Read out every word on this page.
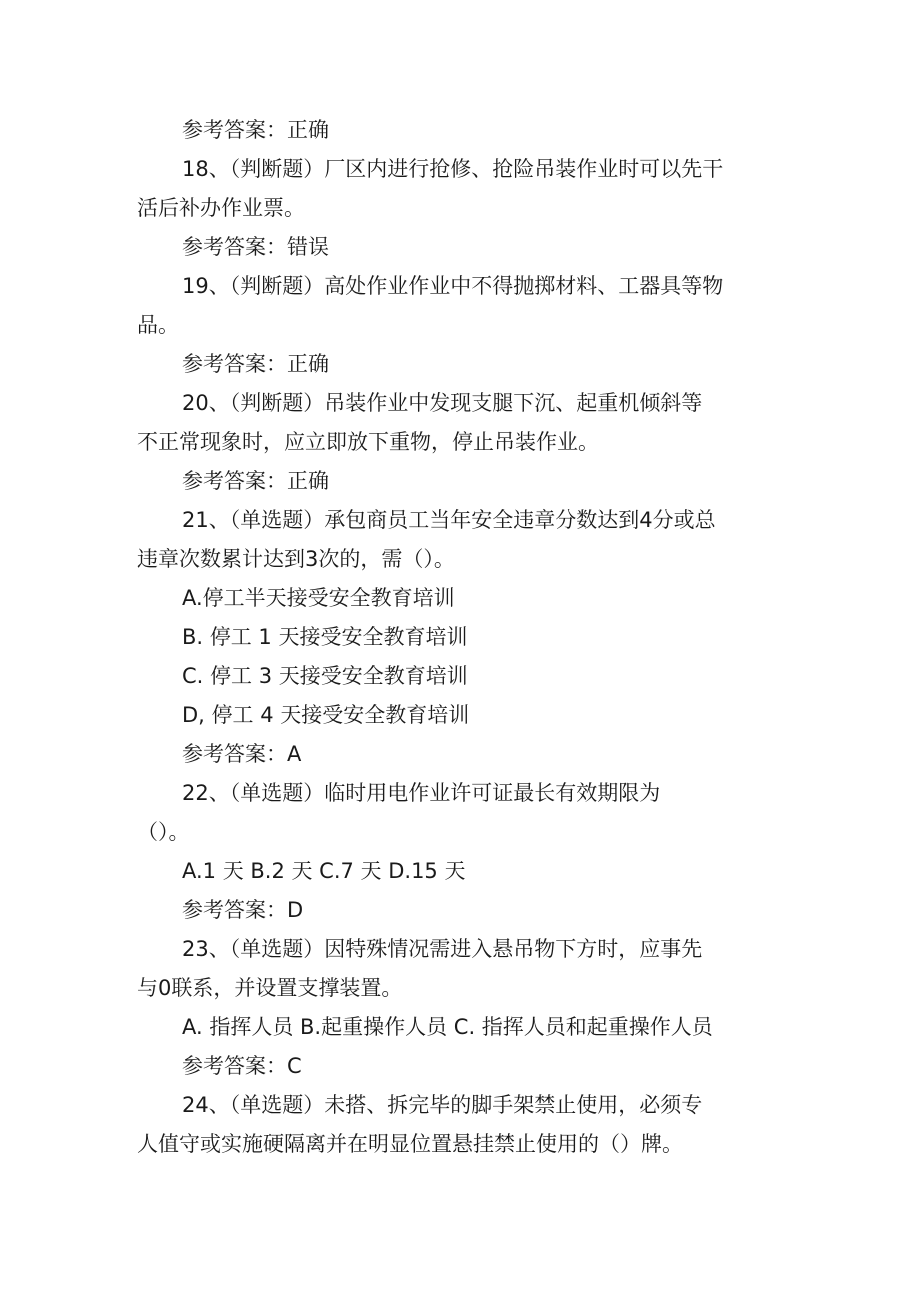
参考答案：正确
18、（判断题）厂区内进行抢修、抢险吊装作业时可以先干
活后补办作业票。
参考答案：错误
19、（判断题）高处作业作业中不得抛掷材料、工器具等物
品。
参考答案：正确
20、（判断题）吊装作业中发现支腿下沉、起重机倾斜等
不正常现象时，应立即放下重物，停止吊装作业。
参考答案：正确
21、（单选题）承包商员工当年安全违章分数达到4分或总
违章次数累计达到3次的，需（）。
A.停工半天接受安全教育培训
B. 停工 1 天接受安全教育培训
C. 停工 3 天接受安全教育培训
D, 停工 4 天接受安全教育培训
参考答案：A
22、（单选题）临时用电作业许可证最长有效期限为
（）。
A.1 天 B.2 天 C.7 天 D.15 天
参考答案：D
23、（单选题）因特殊情况需进入悬吊物下方时，应事先
与0联系，并设置支撑装置。
A. 指挥人员 B.起重操作人员 C. 指挥人员和起重操作人员
参考答案：C
24、（单选题）未搭、拆完毕的脚手架禁止使用，必须专
人值守或实施硬隔离并在明显位置悬挂禁止使用的（）牌。
